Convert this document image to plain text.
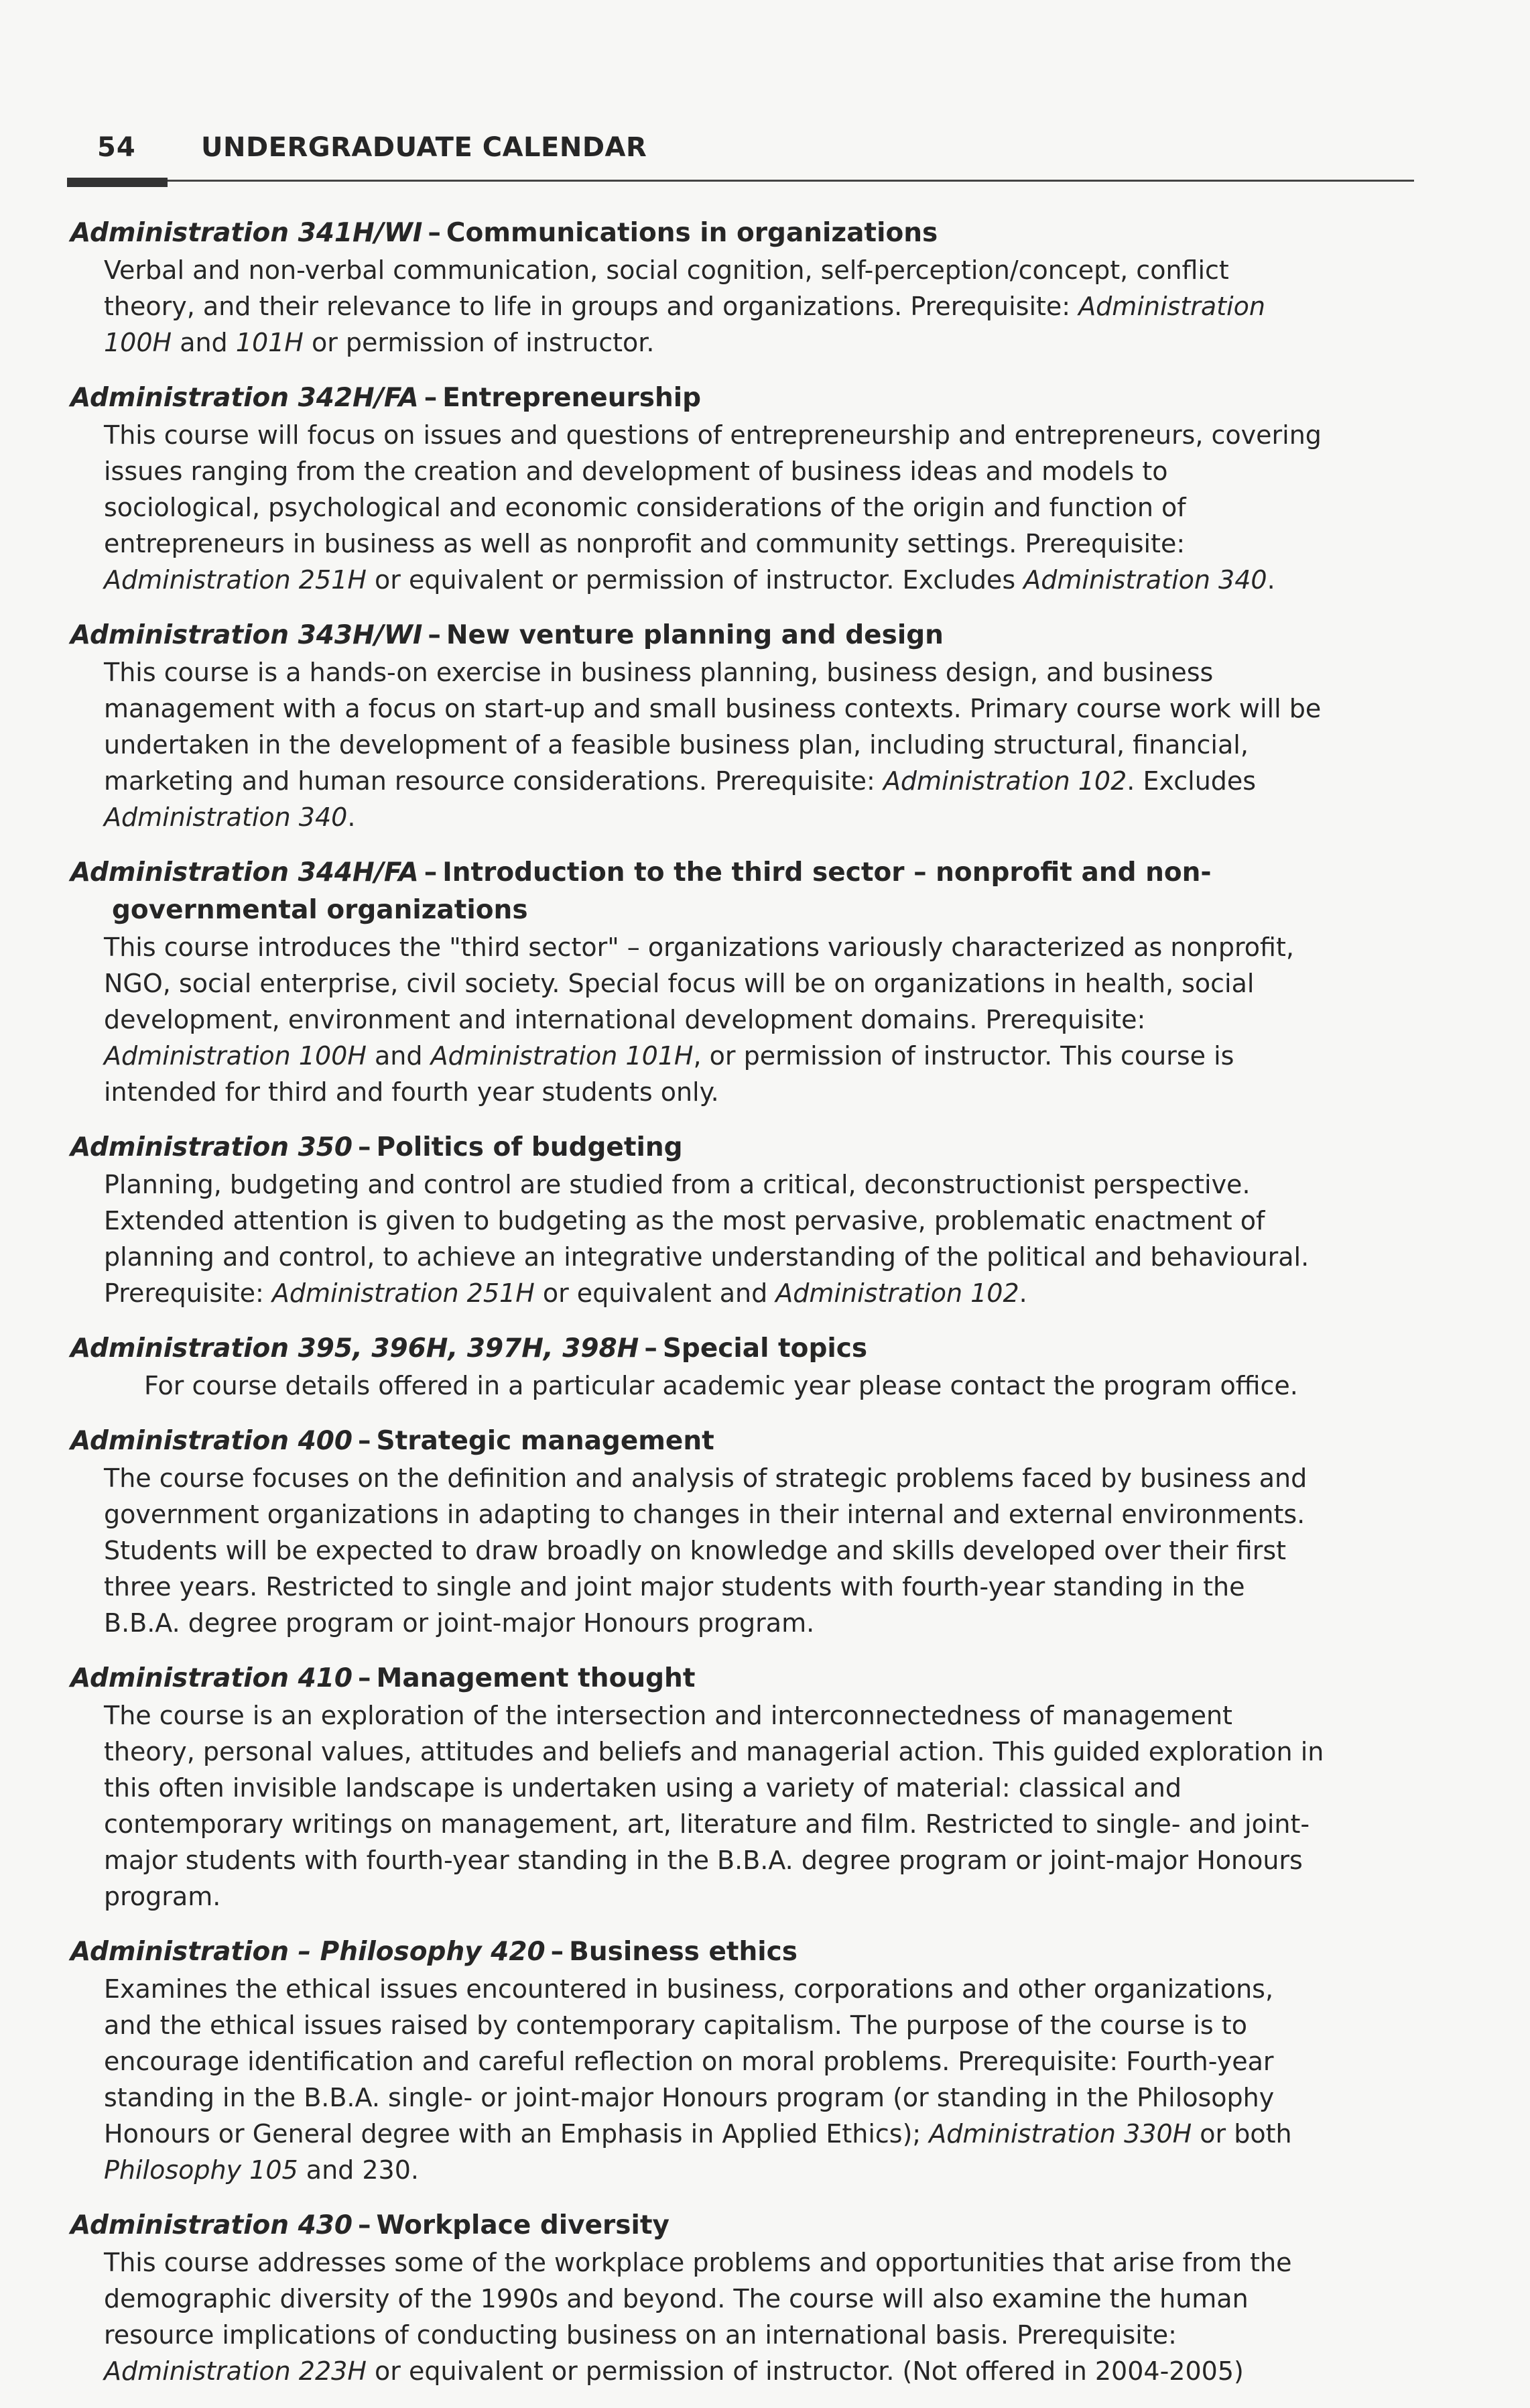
54 UNDERGRADUATE CALENDAR
Administration 341H/WI – Communications in organizations
Verbal and non-verbal communication, social cognition, self-perception/concept, conflict theory, and their relevance to life in groups and organizations. Prerequisite: Administration 100H and 101H or permission of instructor.
Administration 342H/FA – Entrepreneurship
This course will focus on issues and questions of entrepreneurship and entrepreneurs, covering issues ranging from the creation and development of business ideas and models to sociological, psychological and economic considerations of the origin and function of entrepreneurs in business as well as nonprofit and community settings. Prerequisite: Administration 251H or equivalent or permission of instructor. Excludes Administration 340.
Administration 343H/WI – New venture planning and design
This course is a hands-on exercise in business planning, business design, and business management with a focus on start-up and small business contexts. Primary course work will be undertaken in the development of a feasible business plan, including structural, financial, marketing and human resource considerations. Prerequisite: Administration 102. Excludes Administration 340.
Administration 344H/FA – Introduction to the third sector – nonprofit and non-
governmental organizations
This course introduces the "third sector" – organizations variously characterized as nonprofit, NGO, social enterprise, civil society. Special focus will be on organizations in health, social development, environment and international development domains. Prerequisite: Administration 100H and Administration 101H, or permission of instructor. This course is intended for third and fourth year students only.
Administration 350 – Politics of budgeting
Planning, budgeting and control are studied from a critical, deconstructionist perspective. Extended attention is given to budgeting as the most pervasive, problematic enactment of planning and control, to achieve an integrative understanding of the political and behavioural. Prerequisite: Administration 251H or equivalent and Administration 102.
Administration 395, 396H, 397H, 398H – Special topics
For course details offered in a particular academic year please contact the program office.
Administration 400 – Strategic management
The course focuses on the definition and analysis of strategic problems faced by business and government organizations in adapting to changes in their internal and external environments. Students will be expected to draw broadly on knowledge and skills developed over their first three years. Restricted to single and joint major students with fourth-year standing in the B.B.A. degree program or joint-major Honours program.
Administration 410 – Management thought
The course is an exploration of the intersection and interconnectedness of management theory, personal values, attitudes and beliefs and managerial action. This guided exploration in this often invisible landscape is undertaken using a variety of material: classical and contemporary writings on management, art, literature and film. Restricted to single- and joint-major students with fourth-year standing in the B.B.A. degree program or joint-major Honours program.
Administration – Philosophy 420 – Business ethics
Examines the ethical issues encountered in business, corporations and other organizations, and the ethical issues raised by contemporary capitalism. The purpose of the course is to encourage identification and careful reflection on moral problems. Prerequisite: Fourth-year standing in the B.B.A. single- or joint-major Honours program (or standing in the Philosophy Honours or General degree with an Emphasis in Applied Ethics); Administration 330H or both Philosophy 105 and 230.
Administration 430 – Workplace diversity
This course addresses some of the workplace problems and opportunities that arise from the demographic diversity of the 1990s and beyond. The course will also examine the human resource implications of conducting business on an international basis. Prerequisite: Administration 223H or equivalent or permission of instructor. (Not offered in 2004-2005)
